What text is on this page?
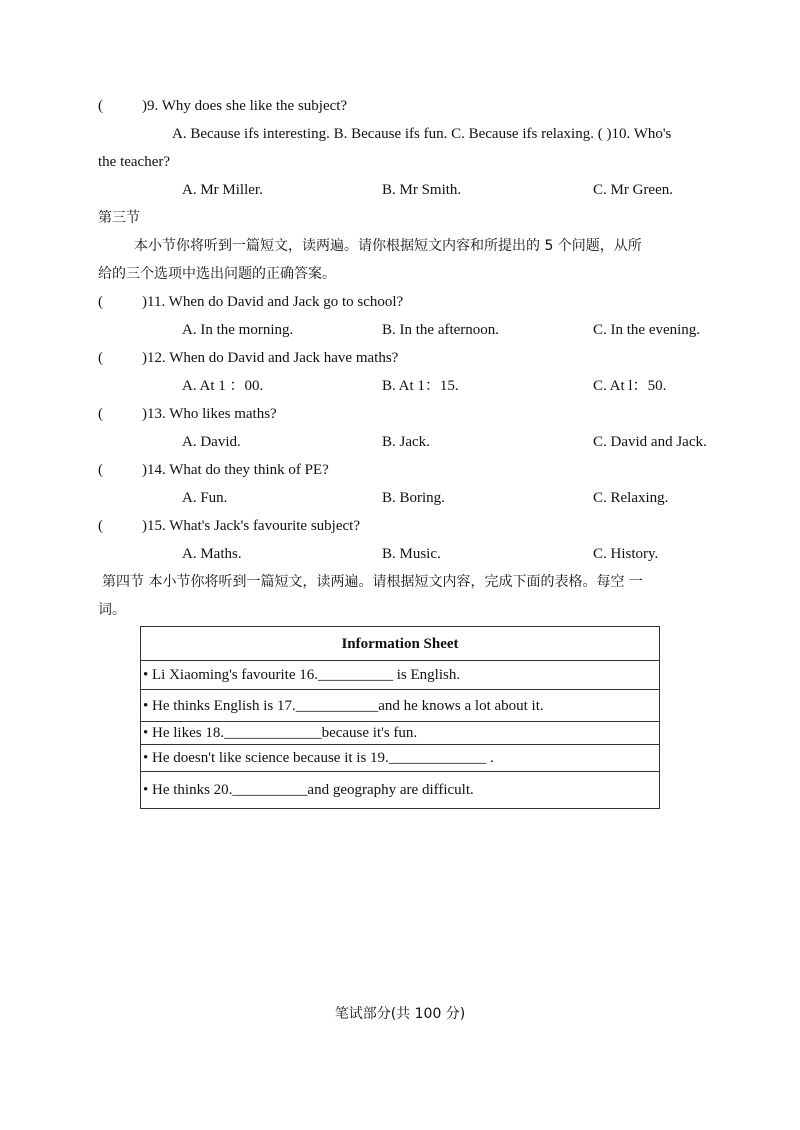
(	)9. Why does she like the subject?
A. Because ifs interesting. B. Because ifs fun. C. Because ifs relaxing. ( )10. Who's
the teacher?
A. Mr Miller.	B. Mr Smith.	C. Mr Green.
第三节
本小节你将听到一篇短文，读两遍。请你根据短文内容和所提出的 5 个问题，从所
给的三个选项中选出问题的正确答案。
(	)11. When do David and Jack go to school?
A. In the morning.	B. In the afternoon.	C. In the evening.
(	)12. When do David and Jack have maths?
A. At 1 ：00.	B. At 1：15.	C. At l：50.
(	)13. Who likes maths?
A. David.	B. Jack.	C. David and Jack.
(	)14. What do they think of PE?
A. Fun.	B. Boring.	C. Relaxing.
(	)15. What's Jack's favourite subject?
A. Maths.	B. Music.	C. History.
第四节 本小节你将听到一篇短文，读两遍。请根据短文内容，完成下面的表格。每空 一
词。
Information Sheet
• Li Xiaoming's favourite 16.__________ is English.
• He thinks English is 17.___________and he knows a lot about it.
• He likes 18._____________because it's fun.
• He doesn't like science because it is 19._____________ .
• He thinks 20.__________and geography are difficult.
笔试部分(共 100 分)
